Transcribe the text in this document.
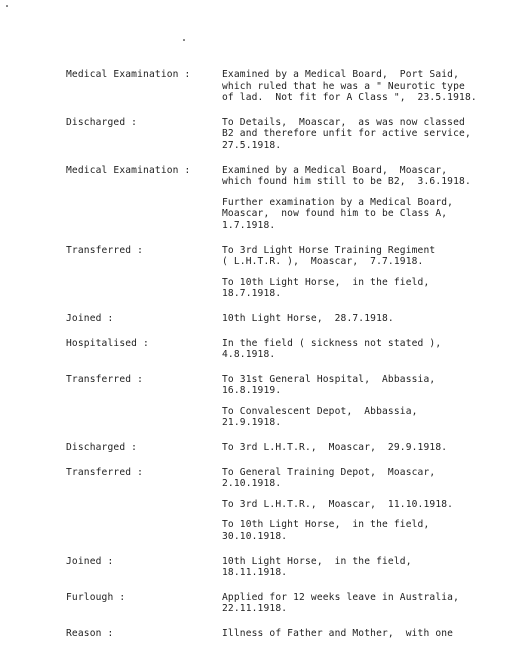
Medical Examination :	Examined by a Medical Board,  Port Said,
which ruled that he was a " Neurotic type
of lad.  Not fit for A Class ",  23.5.1918.
Discharged :	To Details,  Moascar,  as was now classed
B2 and therefore unfit for active service,
27.5.1918.
Medical Examination :	Examined by a Medical Board,  Moascar,
which found him still to be B2,  3.6.1918.
Further examination by a Medical Board,
Moascar,  now found him to be Class A,
1.7.1918.
Transferred :	To 3rd Light Horse Training Regiment
( L.H.T.R. ),  Moascar,  7.7.1918.
To 10th Light Horse,  in the field,
18.7.1918.
Joined :	10th Light Horse,  28.7.1918.
Hospitalised :	In the field ( sickness not stated ),
4.8.1918.
Transferred :	To 31st General Hospital,  Abbassia,
16.8.1919.
To Convalescent Depot,  Abbassia,
21.9.1918.
Discharged :	To 3rd L.H.T.R.,  Moascar,  29.9.1918.
Transferred :	To General Training Depot,  Moascar,
2.10.1918.
To 3rd L.H.T.R.,  Moascar,  11.10.1918.
To 10th Light Horse,  in the field,
30.10.1918.
Joined :	10th Light Horse,  in the field,
18.11.1918.
Furlough :	Applied for 12 weeks leave in Australia,
22.11.1918.
Reason :	Illness of Father and Mother,  with one
